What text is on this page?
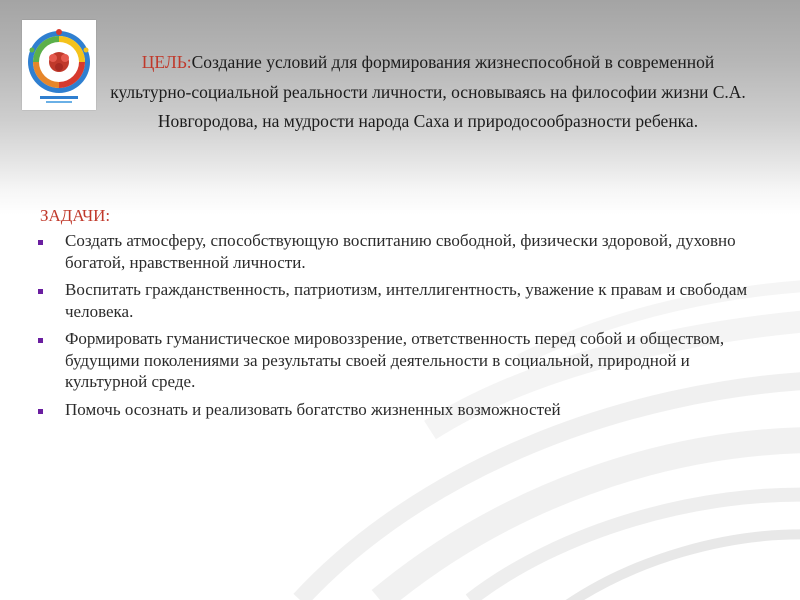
ЦЕЛЬ:Создание условий для формирования жизнеспособной в современной культурно-социальной реальности личности, основываясь на философии жизни С.А. Новгородова, на мудрости народа Саха и природосообразности ребенка.
ЗАДАЧИ:
Создать атмосферу, способствующую воспитанию свободной, физически здоровой, духовно богатой, нравственной личности.
Воспитать гражданственность, патриотизм, интеллигентность, уважение к правам и свободам человека.
Формировать гуманистическое мировоззрение, ответственность перед собой и обществом, будущими поколениями за результаты своей деятельности в социальной, природной и культурной среде.
Помочь осознать и реализовать богатство жизненных возможностей
